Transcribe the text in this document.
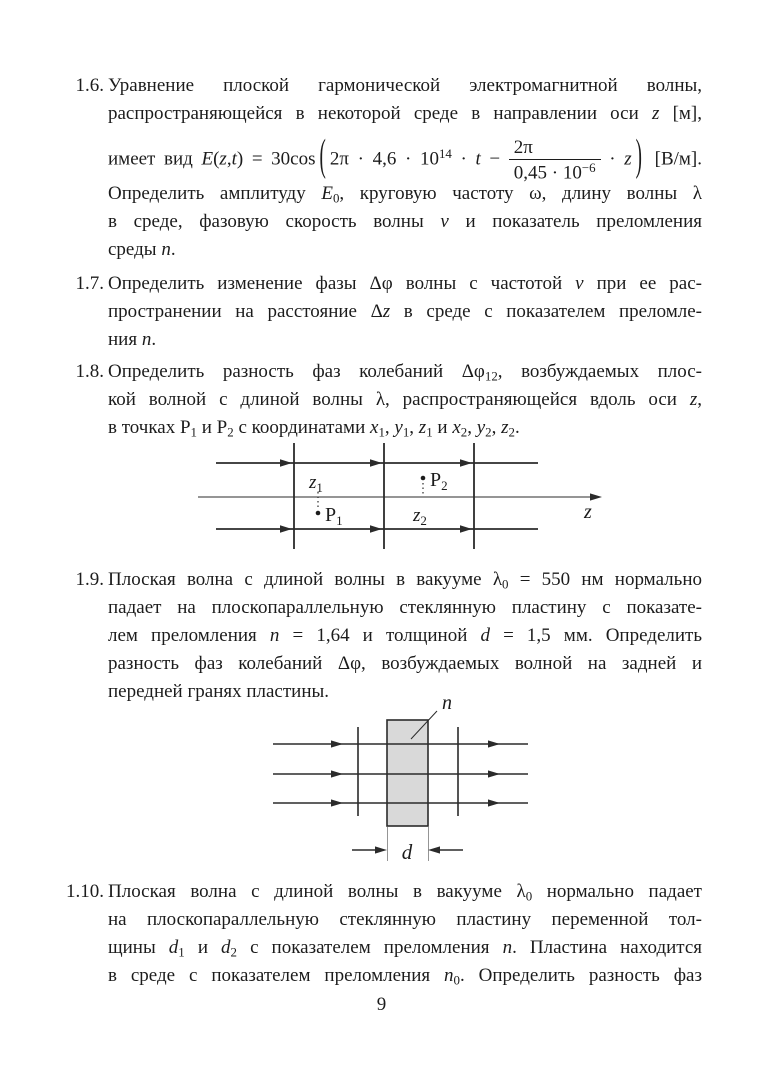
1.6. Уравнение плоской гармонической электромагнитной волны,
распространяющейся в некоторой среде в направлении оси z [м],
имеет вид E(z,t) = 30cos ( $2\pi \cdot 4,6 \cdot 10^{14} \cdot t - \frac{2\pi}{0,45 \cdot 10^{-6}} \cdot z$ ) [В/м].
Определить амплитуду $E_0$, круговую частоту ω, длину волны λ
в среде, фазовую скорость волны v и показатель преломления
среды n.
1.7. Определить изменение фазы Δφ волны с частотой ν при ее рас-
пространении на расстояние Δz в среде с показателем преломле-
ния n.
1.8. Определить разность фаз колебаний $\Delta\varphi_{12}$, возбуждаемых плос-
кой волной с длиной волны λ, распространяющейся вдоль оси z,
в точках $P_1$ и $P_2$ с координатами $x_1$, $y_1$, $z_1$ и $x_2$, $y_2$, $z_2$.
z
$z_1$
$P_1$
$P_2$
$z_2$
1.9. Плоская волна с длиной волны в вакууме $\lambda_0 = 550$ нм нормально
падает на плоскопараллельную стеклянную пластину с показате-
лем преломления n = 1,64 и толщиной d = 1,5 мм. Определить
разность фаз колебаний Δφ, возбуждаемых волной на задней и
передней гранях пластины.
n
d
1.10. Плоская волна с длиной волны в вакууме $\lambda_0$ нормально падает
на плоскопараллельную стеклянную пластину переменной тол-
щины $d_1$ и $d_2$ с показателем преломления n. Пластина находится
в среде с показателем преломления $n_0$. Определить разность фаз
9
